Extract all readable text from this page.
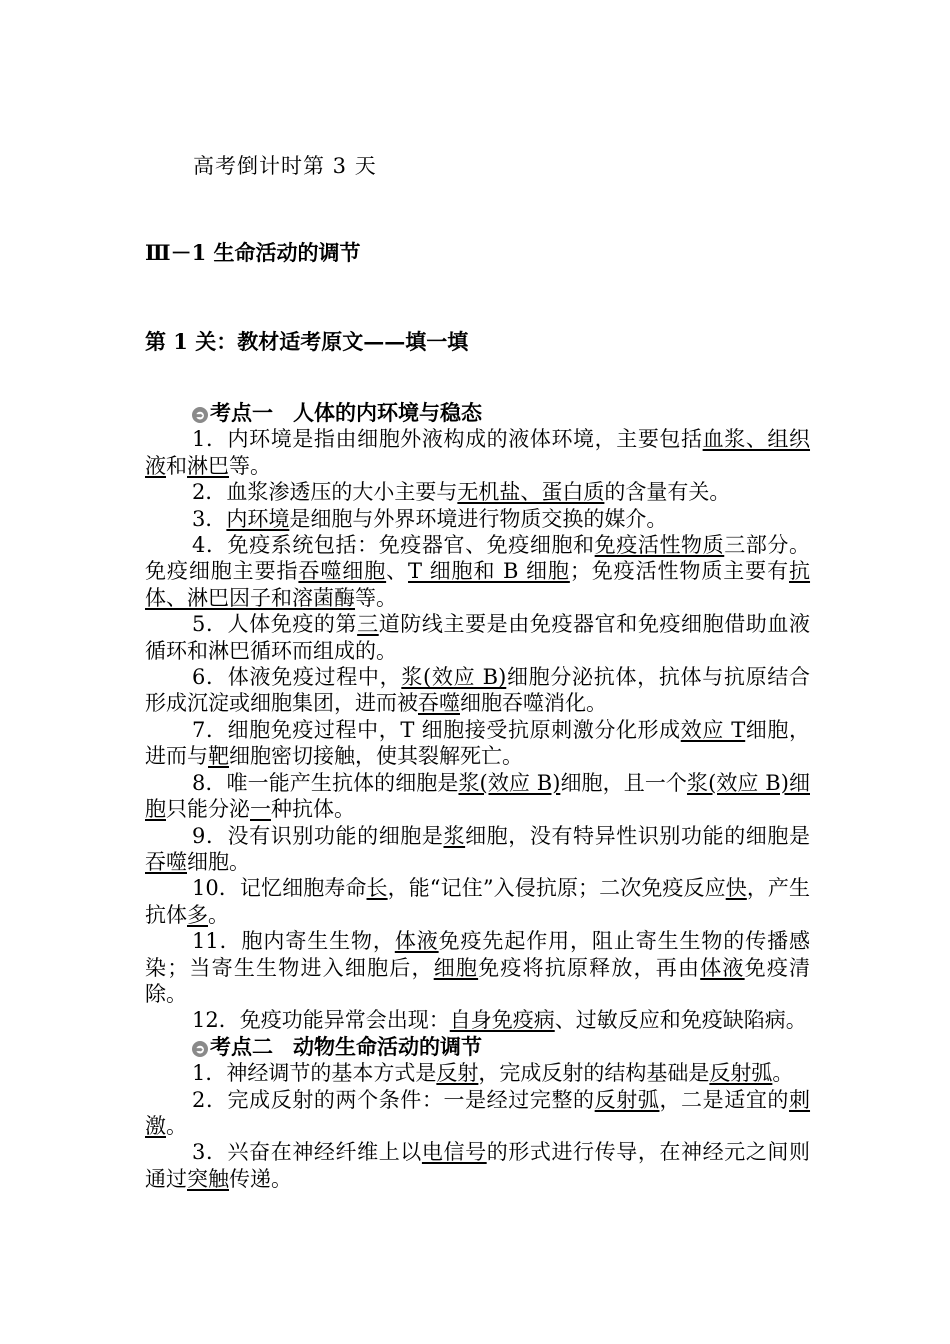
高考倒计时第 3 天
Ⅲ－1 生命活动的调节
第 1 关：教材适考原文——填一填

➲ 考点一 人体的内环境与稳态

1．内环境是指由细胞外液构成的液体环境，主要包括血浆、组织液和淋巴等。

2．血浆渗透压的大小主要与无机盐、蛋白质的含量有关。

3．内环境是细胞与外界环境进行物质交换的媒介。

4．免疫系统包括：免疫器官、免疫细胞和免疫活性物质三部分。免疫细胞主要指吞噬细胞、T 细胞和 B 细胞；免疫活性物质主要有抗体、淋巴因子和溶菌酶等。

5．人体免疫的第三道防线主要是由免疫器官和免疫细胞借助血液循环和淋巴循环而组成的。

6．体液免疫过程中，浆(效应 B)细胞分泌抗体，抗体与抗原结合形成沉淀或细胞集团，进而被吞噬细胞吞噬消化。

7．细胞免疫过程中，T 细胞接受抗原刺激分化形成效应 T细胞，进而与靶细胞密切接触，使其裂解死亡。

8．唯一能产生抗体的细胞是浆(效应 B)细胞，且一个浆(效应 B)细胞只能分泌一种抗体。

9．没有识别功能的细胞是浆细胞，没有特异性识别功能的细胞是吞噬细胞。

10．记忆细胞寿命长，能“记住”入侵抗原；二次免疫反应快，产生抗体多。

11．胞内寄生生物，体液免疫先起作用，阻止寄生生物的传播感染；当寄生生物进入细胞后，细胞免疫将抗原释放，再由体液免疫清除。

12．免疫功能异常会出现：自身免疫病、过敏反应和免疫缺陷病。

➲ 考点二 动物生命活动的调节

1．神经调节的基本方式是反射，完成反射的结构基础是反射弧。

2．完成反射的两个条件：一是经过完整的反射弧，二是适宜的刺激。

3．兴奋在神经纤维上以电信号的形式进行传导，在神经元之间则通过突触传递。
